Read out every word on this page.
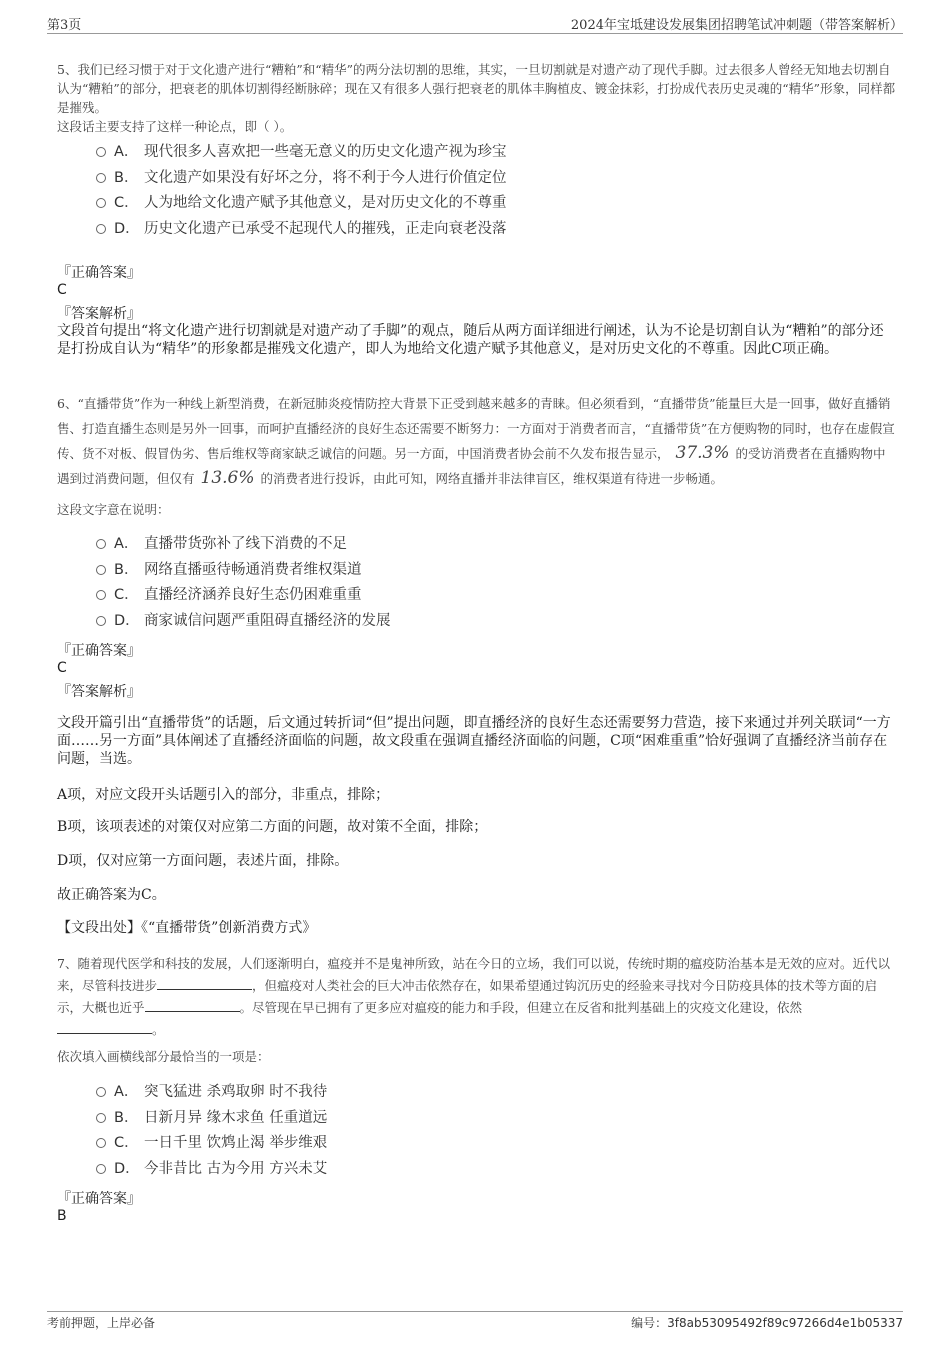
第3页	2024年宝坻建设发展集团招聘笔试冲刺题（带答案解析）

5、我们已经习惯于对于文化遗产进行“糟粕”和“精华”的两分法切割的思维，其实，一旦切割就是对遗产动了现代手脚。过去很多人曾经无知地去切割自认为“糟粕”的部分，把衰老的肌体切割得经断脉碎；现在又有很多人强行把衰老的肌体丰胸植皮、镀金抹彩，打扮成代表历史灵魂的“精华”形象，同样都是摧残。

这段话主要支持了这样一种论点，即（ ）。

A． 现代很多人喜欢把一些毫无意义的历史文化遗产视为珍宝
B． 文化遗产如果没有好坏之分，将不利于今人进行价值定位
C． 人为地给文化遗产赋予其他意义，是对历史文化的不尊重
D． 历史文化遗产已承受不起现代人的摧残，正走向衰老没落
『正确答案』
C
『答案解析』
文段首句提出“将文化遗产进行切割就是对遗产动了手脚”的观点，随后从两方面详细进行阐述，认为不论是切割自认为“糟粕”的部分还是打扮成自认为“精华”的形象都是摧残文化遗产，即人为地给文化遗产赋予其他意义，是对历史文化的不尊重。因此C项正确。

6、“直播带货”作为一种线上新型消费，在新冠肺炎疫情防控大背景下正受到越来越多的青睐。但必须看到，“直播带货”能量巨大是一回事，做好直播销售、打造直播生态则是另外一回事，而呵护直播经济的良好生态还需要不断努力：一方面对于消费者而言，“直播带货”在方便购物的同时，也存在虚假宣传、货不对板、假冒伪劣、售后维权等商家缺乏诚信的问题。另一方面，中国消费者协会前不久发布报告显示， 37.3% 的受访消费者在直播购物中遇到过消费问题，但仅有 13.6% 的消费者进行投诉，由此可知，网络直播并非法律盲区，维权渠道有待进一步畅通。

这段文字意在说明：
A． 直播带货弥补了线下消费的不足
B． 网络直播亟待畅通消费者维权渠道
C． 直播经济涵养良好生态仍困难重重
D． 商家诚信问题严重阻碍直播经济的发展
『正确答案』
C
『答案解析』
文段开篇引出“直播带货”的话题，后文通过转折词“但”提出问题，即直播经济的良好生态还需要努力营造，接下来通过并列关联词“一方面……另一方面”具体阐述了直播经济面临的问题，故文段重在强调直播经济面临的问题，C项“困难重重”恰好强调了直播经济当前存在问题，当选。
A项，对应文段开头话题引入的部分，非重点，排除；
B项，该项表述的对策仅对应第二方面的问题，故对策不全面，排除；
D项，仅对应第一方面问题，表述片面，排除。
故正确答案为C。
【文段出处】《“直播带货”创新消费方式》

7、随着现代医学和科技的发展，人们逐渐明白，瘟疫并不是鬼神所致，站在今日的立场，我们可以说，传统时期的瘟疫防治基本是无效的应对。近代以来，尽管科技进步	，但瘟疫对人类社会的巨大冲击依然存在，如果希望通过钩沉历史的经验来寻找对今日防疫具体的技术等方面的启示，大概也近乎	。尽管现在早已拥有了更多应对瘟疫的能力和手段，但建立在反省和批判基础上的灾疫文化建设，依然。

依次填入画横线部分最恰当的一项是：
A． 突飞猛进 杀鸡取卵 时不我待
B． 日新月异 缘木求鱼 任重道远
C． 一日千里 饮鸩止渴 举步维艰
D． 今非昔比 古为今用 方兴未艾
『正确答案』
B
考前押题，上岸必备	编号：3f8ab53095492f89c97266d4e1b05337
